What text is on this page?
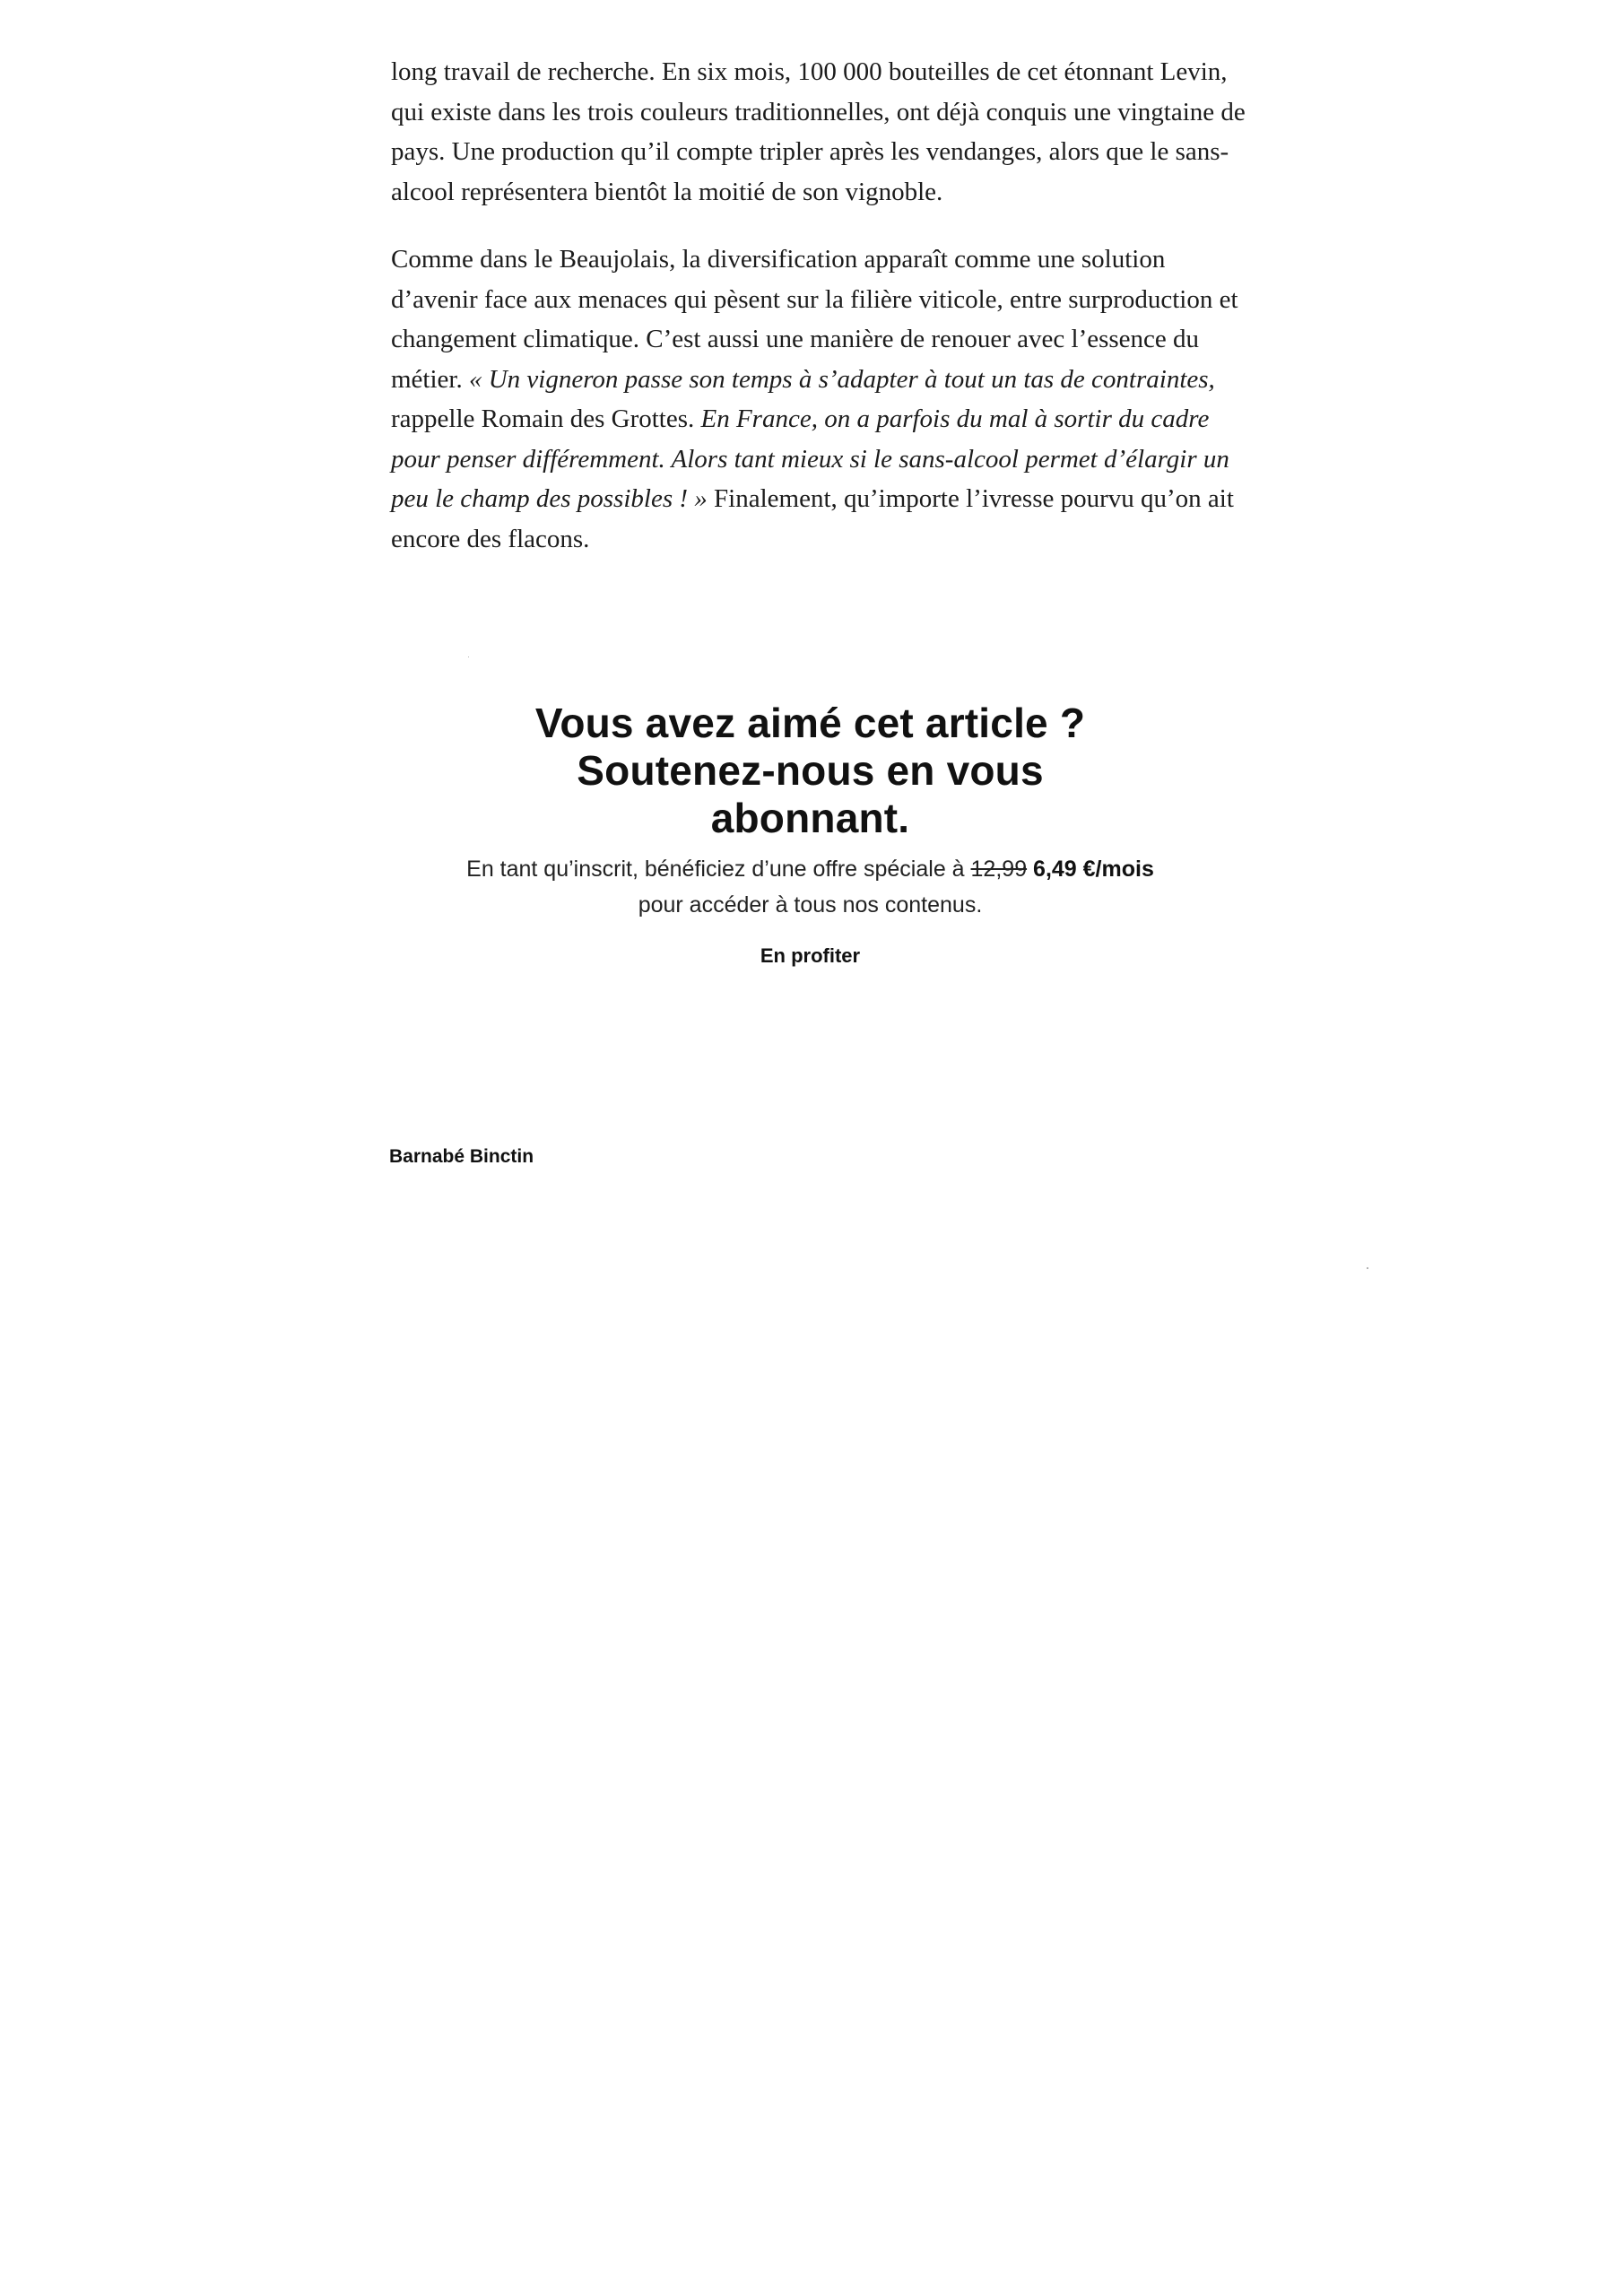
long travail de recherche. En six mois, 100 000 bouteilles de cet étonnant Levin, qui existe dans les trois couleurs traditionnelles, ont déjà conquis une vingtaine de pays. Une production qu’il compte tripler après les vendanges, alors que le sans-alcool représentera bientôt la moitié de son vignoble.

Comme dans le Beaujolais, la diversification apparaît comme une solution d’avenir face aux menaces qui pèsent sur la filière viticole, entre surproduction et changement climatique. C’est aussi une manière de renouer avec l’essence du métier. « Un vigneron passe son temps à s’adapter à tout un tas de contraintes, rappelle Romain des Grottes. En France, on a parfois du mal à sortir du cadre pour penser différemment. Alors tant mieux si le sans-alcool permet d’élargir un peu le champ des possibles ! » Finalement, qu’importe l’ivresse pourvu qu’on ait encore des flacons.

Vous avez aimé cet article ?
Soutenez-nous en vous
abonnant.

En tant qu’inscrit, bénéficiez d’une offre spéciale à 12,99 6,49 €/mois
pour accéder à tous nos contenus.

En profiter
Barnabé Binctin
